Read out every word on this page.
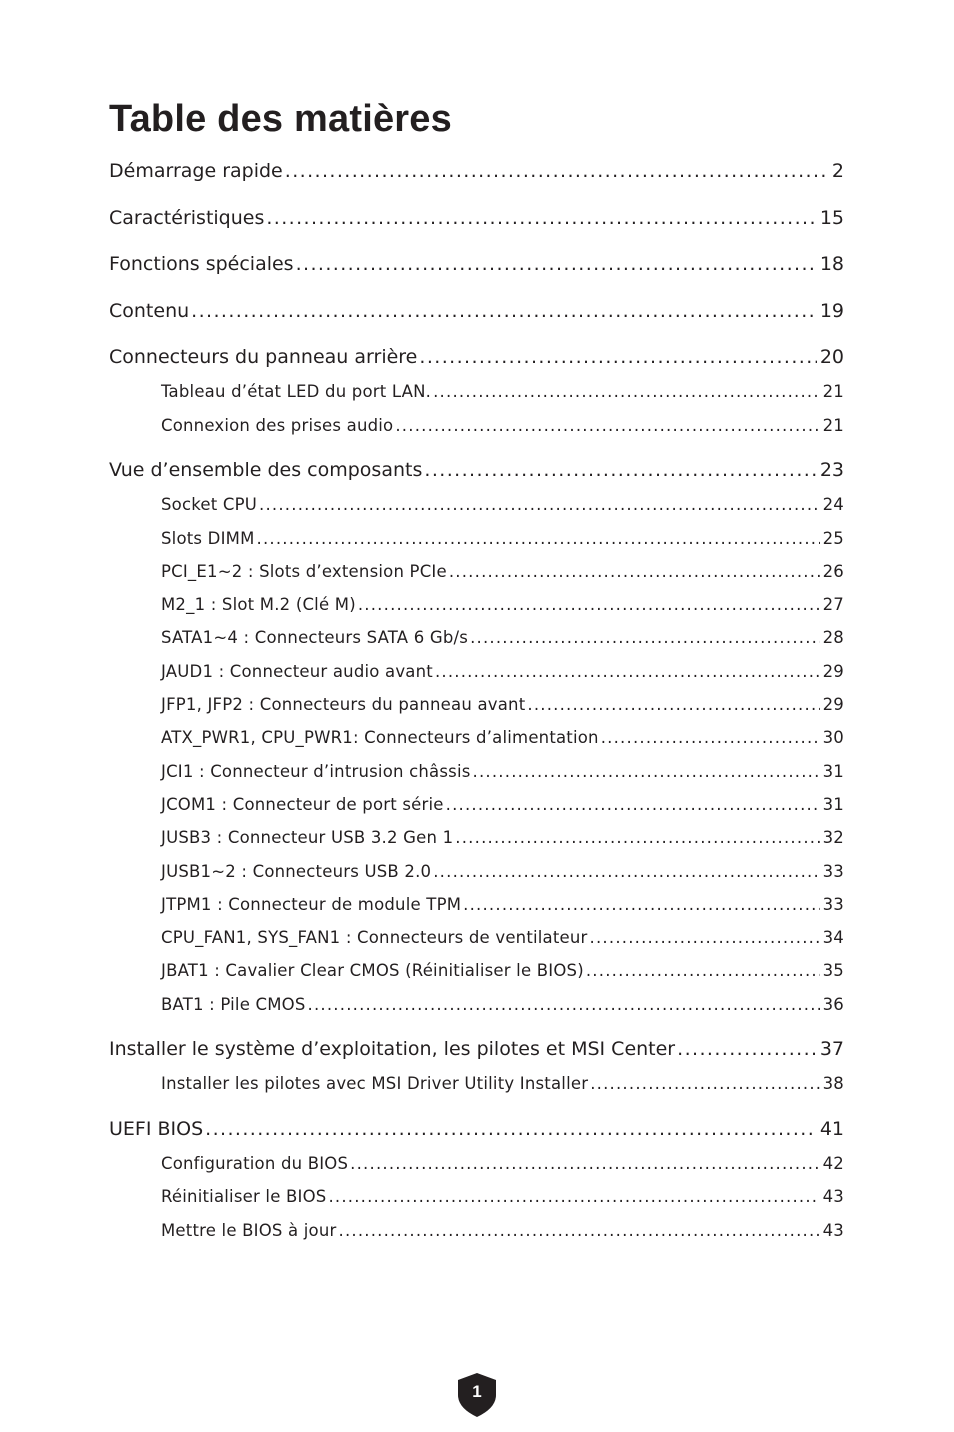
Table des matières
Démarrage rapide .....	2
Caractéristiques .....	15
Fonctions spéciales .....	18
Contenu .....	19
Connecteurs du panneau arrière .....	20
Tableau d’état LED du port LAN. .....	21
Connexion des prises audio .....	21
Vue d’ensemble des composants .....	23
Socket CPU .....	24
Slots DIMM .....	25
PCI_E1~2 : Slots d’extension PCIe .....	26
M2_1 : Slot M.2 (Clé M) .....	27
SATA1~4 : Connecteurs SATA 6 Gb/s .....	28
JAUD1 : Connecteur audio avant .....	29
JFP1, JFP2 : Connecteurs du panneau avant .....	29
ATX_PWR1, CPU_PWR1: Connecteurs d’alimentation .....	30
JCI1 : Connecteur d’intrusion châssis .....	31
JCOM1 : Connecteur de port série .....	31
JUSB3 : Connecteur USB 3.2 Gen 1 .....	32
JUSB1~2 : Connecteurs USB 2.0 .....	33
JTPM1 : Connecteur de module TPM .....	33
CPU_FAN1, SYS_FAN1 : Connecteurs de ventilateur .....	34
JBAT1 : Cavalier Clear CMOS (Réinitialiser le BIOS) .....	35
BAT1 : Pile CMOS .....	36
Installer le système d’exploitation, les pilotes et MSI Center .....	37
Installer les pilotes avec MSI Driver Utility Installer .....	38
UEFI BIOS .....	41
Configuration du BIOS .....	42
Réinitialiser le BIOS .....	43
Mettre le BIOS à jour .....	43
1
